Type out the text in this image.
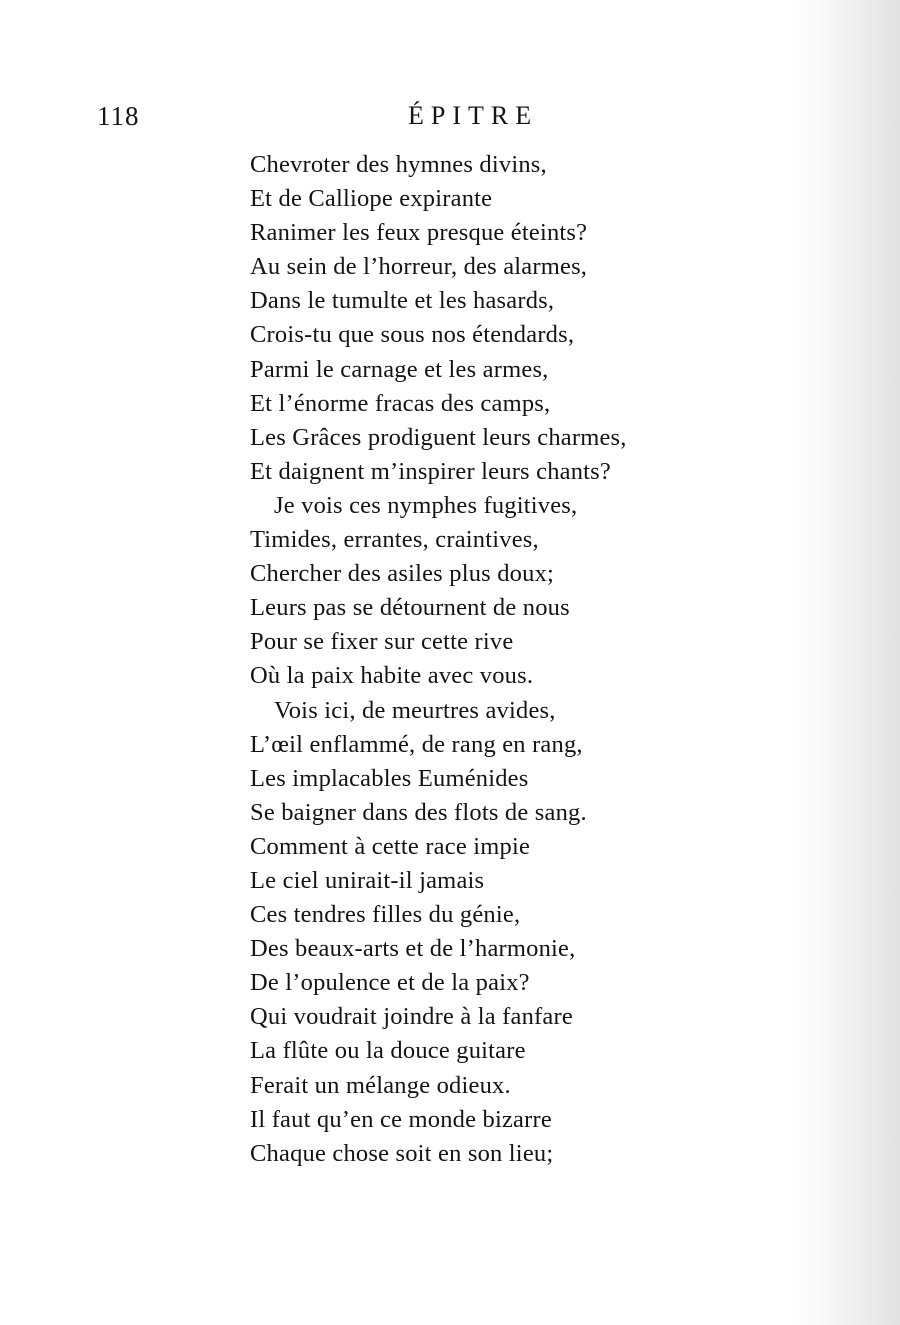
118	ÉPITRE
Chevroter des hymnes divins,
Et de Calliope expirante
Ranimer les feux presque éteints?
Au sein de l’horreur, des alarmes,
Dans le tumulte et les hasards,
Crois-tu que sous nos étendards,
Parmi le carnage et les armes,
Et l’énorme fracas des camps,
Les Grâces prodiguent leurs charmes,
Et daignent m’inspirer leurs chants?
Je vois ces nymphes fugitives,
Timides, errantes, craintives,
Chercher des asiles plus doux;
Leurs pas se détournent de nous
Pour se fixer sur cette rive
Où la paix habite avec vous.
Vois ici, de meurtres avides,
L’œil enflammé, de rang en rang,
Les implacables Euménides
Se baigner dans des flots de sang.
Comment à cette race impie
Le ciel unirait-il jamais
Ces tendres filles du génie,
Des beaux-arts et de l’harmonie,
De l’opulence et de la paix?
Qui voudrait joindre à la fanfare
La flûte ou la douce guitare
Ferait un mélange odieux.
Il faut qu’en ce monde bizarre
Chaque chose soit en son lieu;
